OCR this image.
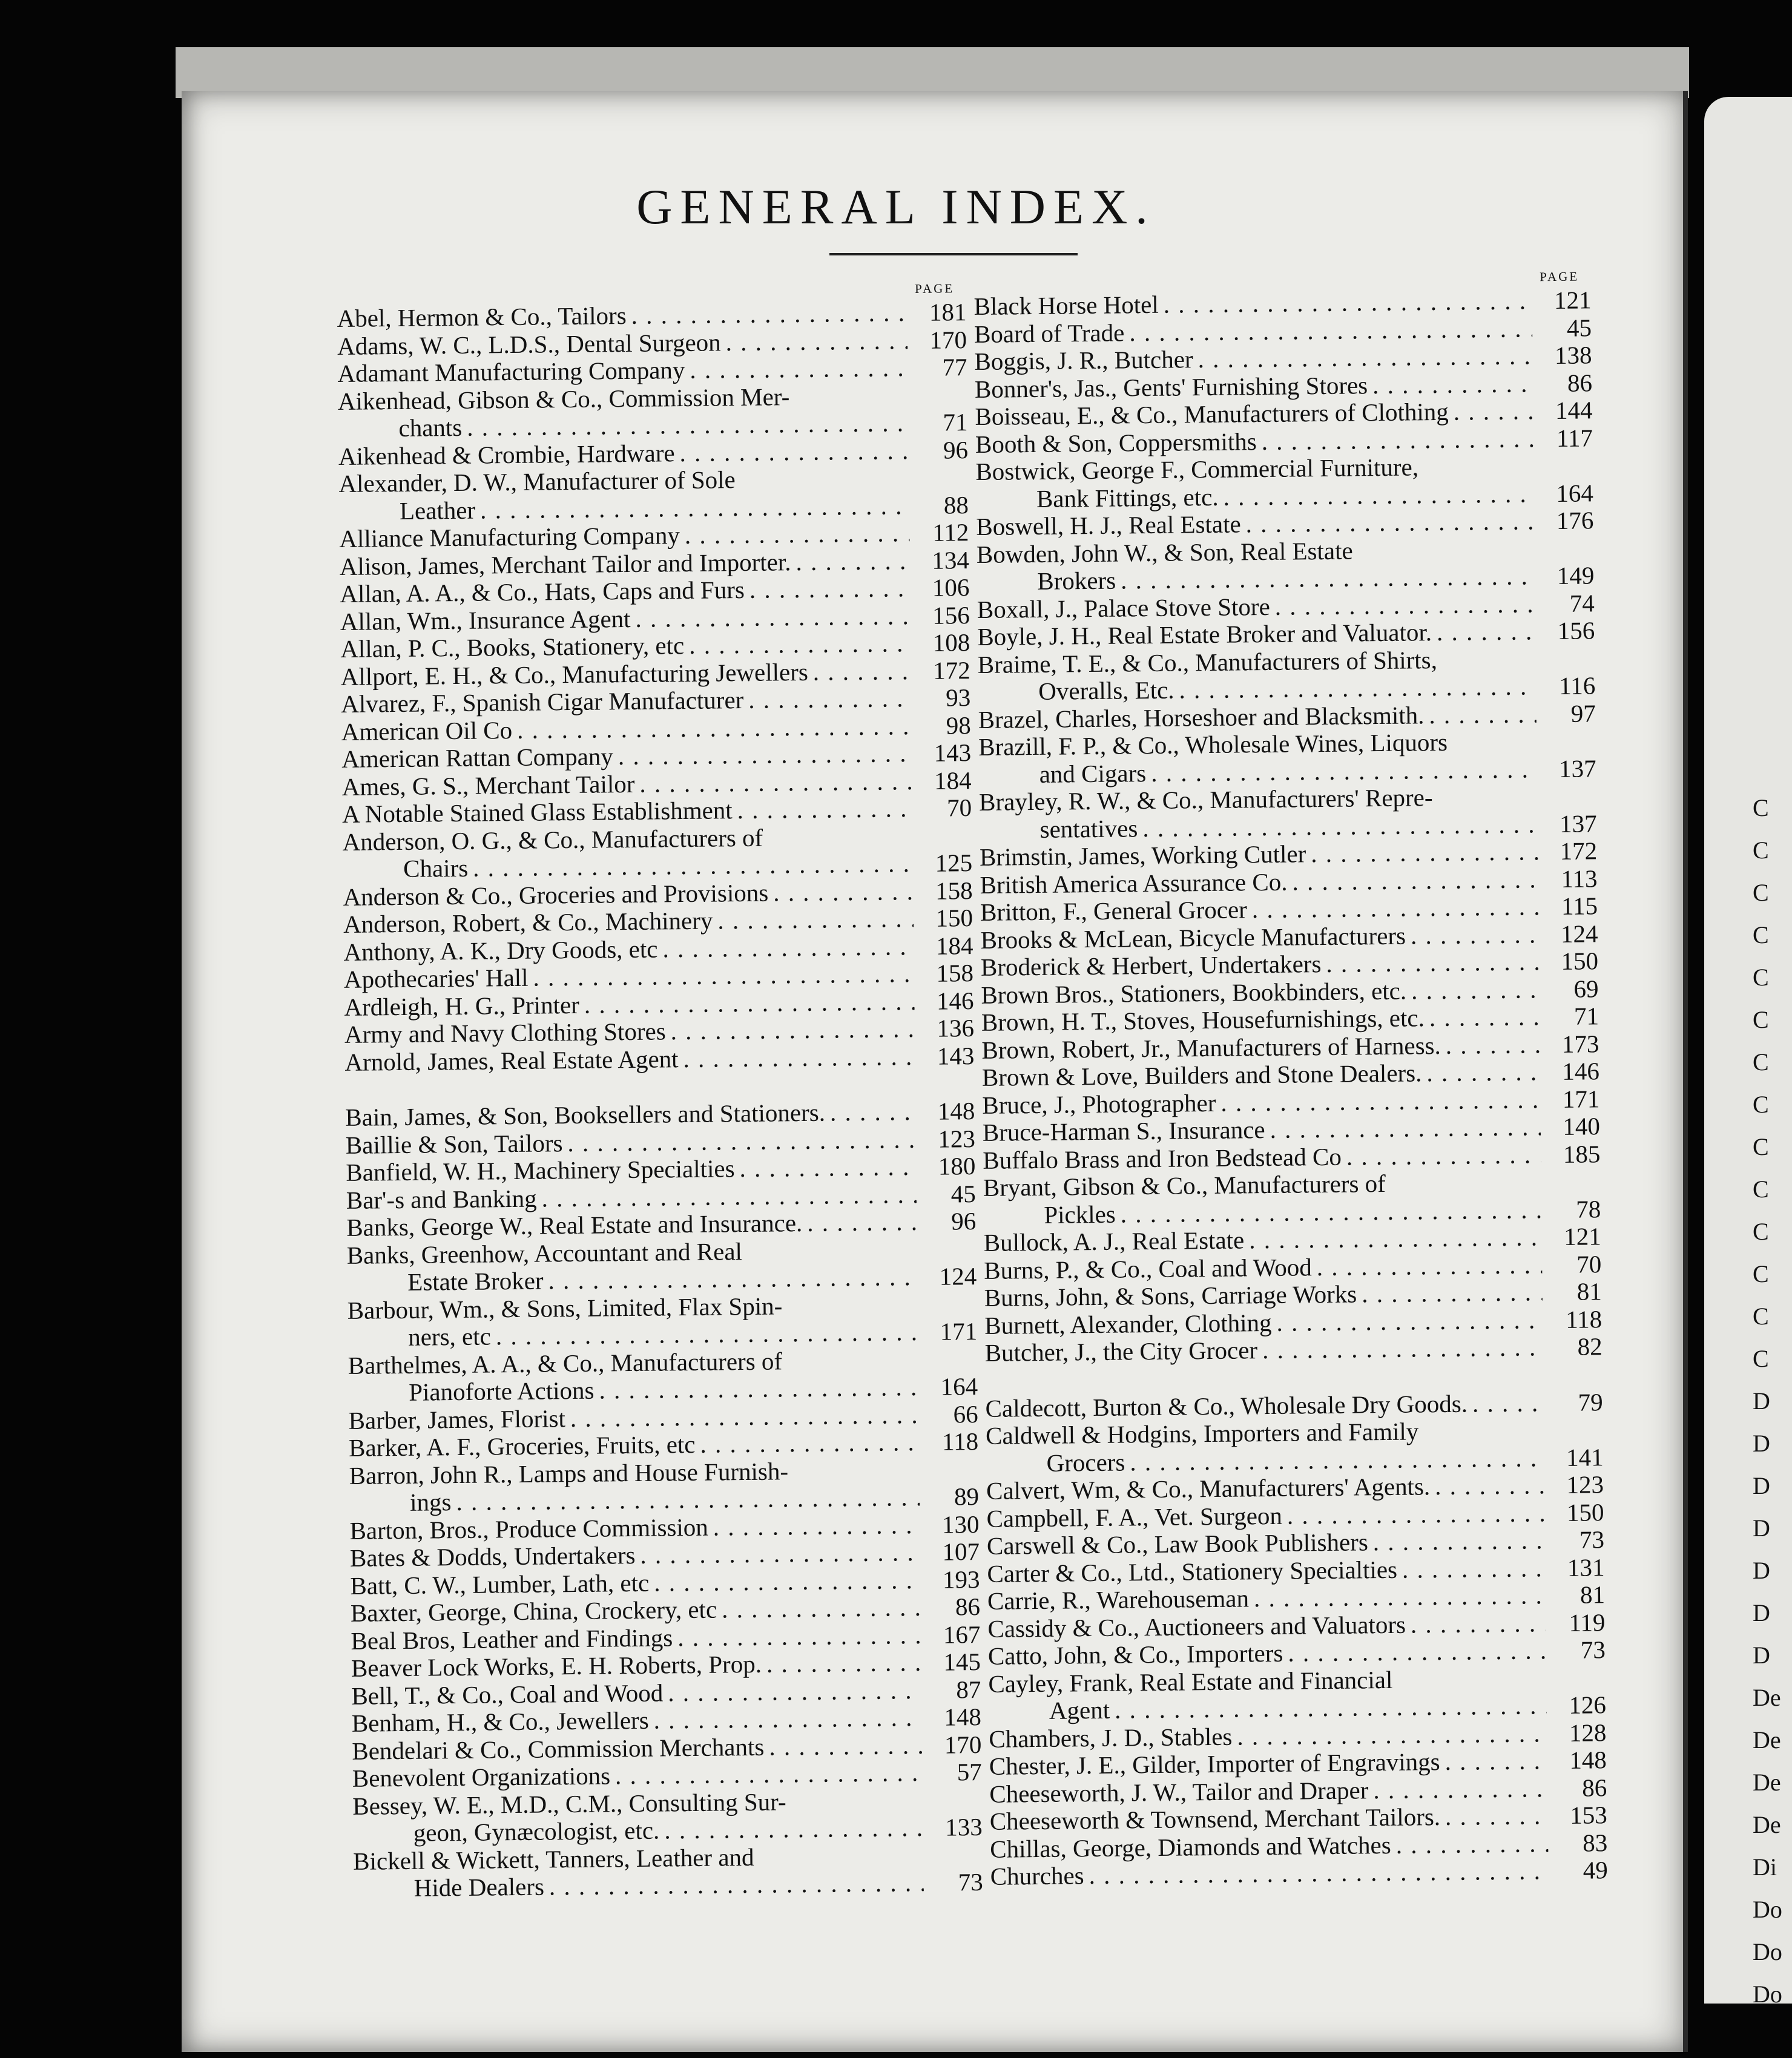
C
C
C
C
C
C
C
C
C
C
C
C
C
C
D
D
D
D
D
D
D
De
De
De
De
Di
Do
Do
Do
GENERAL INDEX.
PAGE
Abel, Hermon & Co., Tailors . . .	181
Adams, W. C., L.D.S., Dental Surgeon . . .	170
Adamant Manufacturing Company . . .	77
Aikenhead, Gibson & Co., Commission Mer-
chants . . .	71
Aikenhead & Crombie, Hardware . . .	96
Alexander, D. W., Manufacturer of Sole
Leather . . .	88
Alliance Manufacturing Company . . .	112
Alison, James, Merchant Tailor and Importer. . . .	134
Allan, A. A., & Co., Hats, Caps and Furs . . .	106
Allan, Wm., Insurance Agent . . .	156
Allan, P. C., Books, Stationery, etc . . .	108
Allport, E. H., & Co., Manufacturing Jewellers . . .	172
Alvarez, F., Spanish Cigar Manufacturer . . .	93
American Oil Co . . .	98
American Rattan Company . . .	143
Ames, G. S., Merchant Tailor . . .	184
A Notable Stained Glass Establishment . . .	70
Anderson, O. G., & Co., Manufacturers of
Chairs . . .	125
Anderson & Co., Groceries and Provisions . . .	158
Anderson, Robert, & Co., Machinery . . .	150
Anthony, A. K., Dry Goods, etc . . .	184
Apothecaries' Hall . . .	158
Ardleigh, H. G., Printer . . .	146
Army and Navy Clothing Stores . . .	136
Arnold, James, Real Estate Agent . . .	143
Bain, James, & Son, Booksellers and Stationers. . . .	148
Baillie & Son, Tailors . . .	123
Banfield, W. H., Machinery Specialties . . .	180
Bar'-s and Banking . . .	45
Banks, George W., Real Estate and Insurance. . . .	96
Banks, Greenhow, Accountant and Real
Estate Broker . . .	124
Barbour, Wm., & Sons, Limited, Flax Spin-
ners, etc . . .	171
Barthelmes, A. A., & Co., Manufacturers of
Pianoforte Actions . . .	164
Barber, James, Florist . . .	66
Barker, A. F., Groceries, Fruits, etc . . .	118
Barron, John R., Lamps and House Furnish-
ings . . .	89
Barton, Bros., Produce Commission . . .	130
Bates & Dodds, Undertakers . . .	107
Batt, C. W., Lumber, Lath, etc . . .	193
Baxter, George, China, Crockery, etc . . .	86
Beal Bros, Leather and Findings . . .	167
Beaver Lock Works, E. H. Roberts, Prop. . . .	145
Bell, T., & Co., Coal and Wood . . .	87
Benham, H., & Co., Jewellers . . .	148
Bendelari & Co., Commission Merchants . . .	170
Benevolent Organizations . . .	57
Bessey, W. E., M.D., C.M., Consulting Sur-
geon, Gynæcologist, etc. . . .	133
Bickell & Wickett, Tanners, Leather and
Hide Dealers . . .	73
PAGE
Black Horse Hotel . . .	121
Board of Trade . . .	45
Boggis, J. R., Butcher . . .	138
Bonner's, Jas., Gents' Furnishing Stores . . .	86
Boisseau, E., & Co., Manufacturers of Clothing . . .	144
Booth & Son, Coppersmiths . . .	117
Bostwick, George F., Commercial Furniture,
Bank Fittings, etc. . . .	164
Boswell, H. J., Real Estate . . .	176
Bowden, John W., & Son, Real Estate
Brokers . . .	149
Boxall, J., Palace Stove Store . . .	74
Boyle, J. H., Real Estate Broker and Valuator. . . .	156
Braime, T. E., & Co., Manufacturers of Shirts,
Overalls, Etc. . . .	116
Brazel, Charles, Horseshoer and Blacksmith. . . .	97
Brazill, F. P., & Co., Wholesale Wines, Liquors
and Cigars . . .	137
Brayley, R. W., & Co., Manufacturers' Repre-
sentatives . . .	137
Brimstin, James, Working Cutler . . .	172
British America Assurance Co. . . .	113
Britton, F., General Grocer . . .	115
Brooks & McLean, Bicycle Manufacturers . . .	124
Broderick & Herbert, Undertakers . . .	150
Brown Bros., Stationers, Bookbinders, etc. . . .	69
Brown, H. T., Stoves, Housefurnishings, etc. . . .	71
Brown, Robert, Jr., Manufacturers of Harness. . . .	173
Brown & Love, Builders and Stone Dealers. . . .	146
Bruce, J., Photographer . . .	171
Bruce-Harman S., Insurance . . .	140
Buffalo Brass and Iron Bedstead Co . . .	185
Bryant, Gibson & Co., Manufacturers of
Pickles . . .	78
Bullock, A. J., Real Estate . . .	121
Burns, P., & Co., Coal and Wood . . .	70
Burns, John, & Sons, Carriage Works . . .	81
Burnett, Alexander, Clothing . . .	118
Butcher, J., the City Grocer . . .	82
Caldecott, Burton & Co., Wholesale Dry Goods. . . .	79
Caldwell & Hodgins, Importers and Family
Grocers . . .	141
Calvert, Wm, & Co., Manufacturers' Agents. . . .	123
Campbell, F. A., Vet. Surgeon . . .	150
Carswell & Co., Law Book Publishers . . .	73
Carter & Co., Ltd., Stationery Specialties . . .	131
Carrie, R., Warehouseman . . .	81
Cassidy & Co., Auctioneers and Valuators . . .	119
Catto, John, & Co., Importers . . .	73
Cayley, Frank, Real Estate and Financial
Agent . . .	126
Chambers, J. D., Stables . . .	128
Chester, J. E., Gilder, Importer of Engravings . . .	148
Cheeseworth, J. W., Tailor and Draper . . .	86
Cheeseworth & Townsend, Merchant Tailors. . . .	153
Chillas, George, Diamonds and Watches . . .	83
Churches . . .	49
